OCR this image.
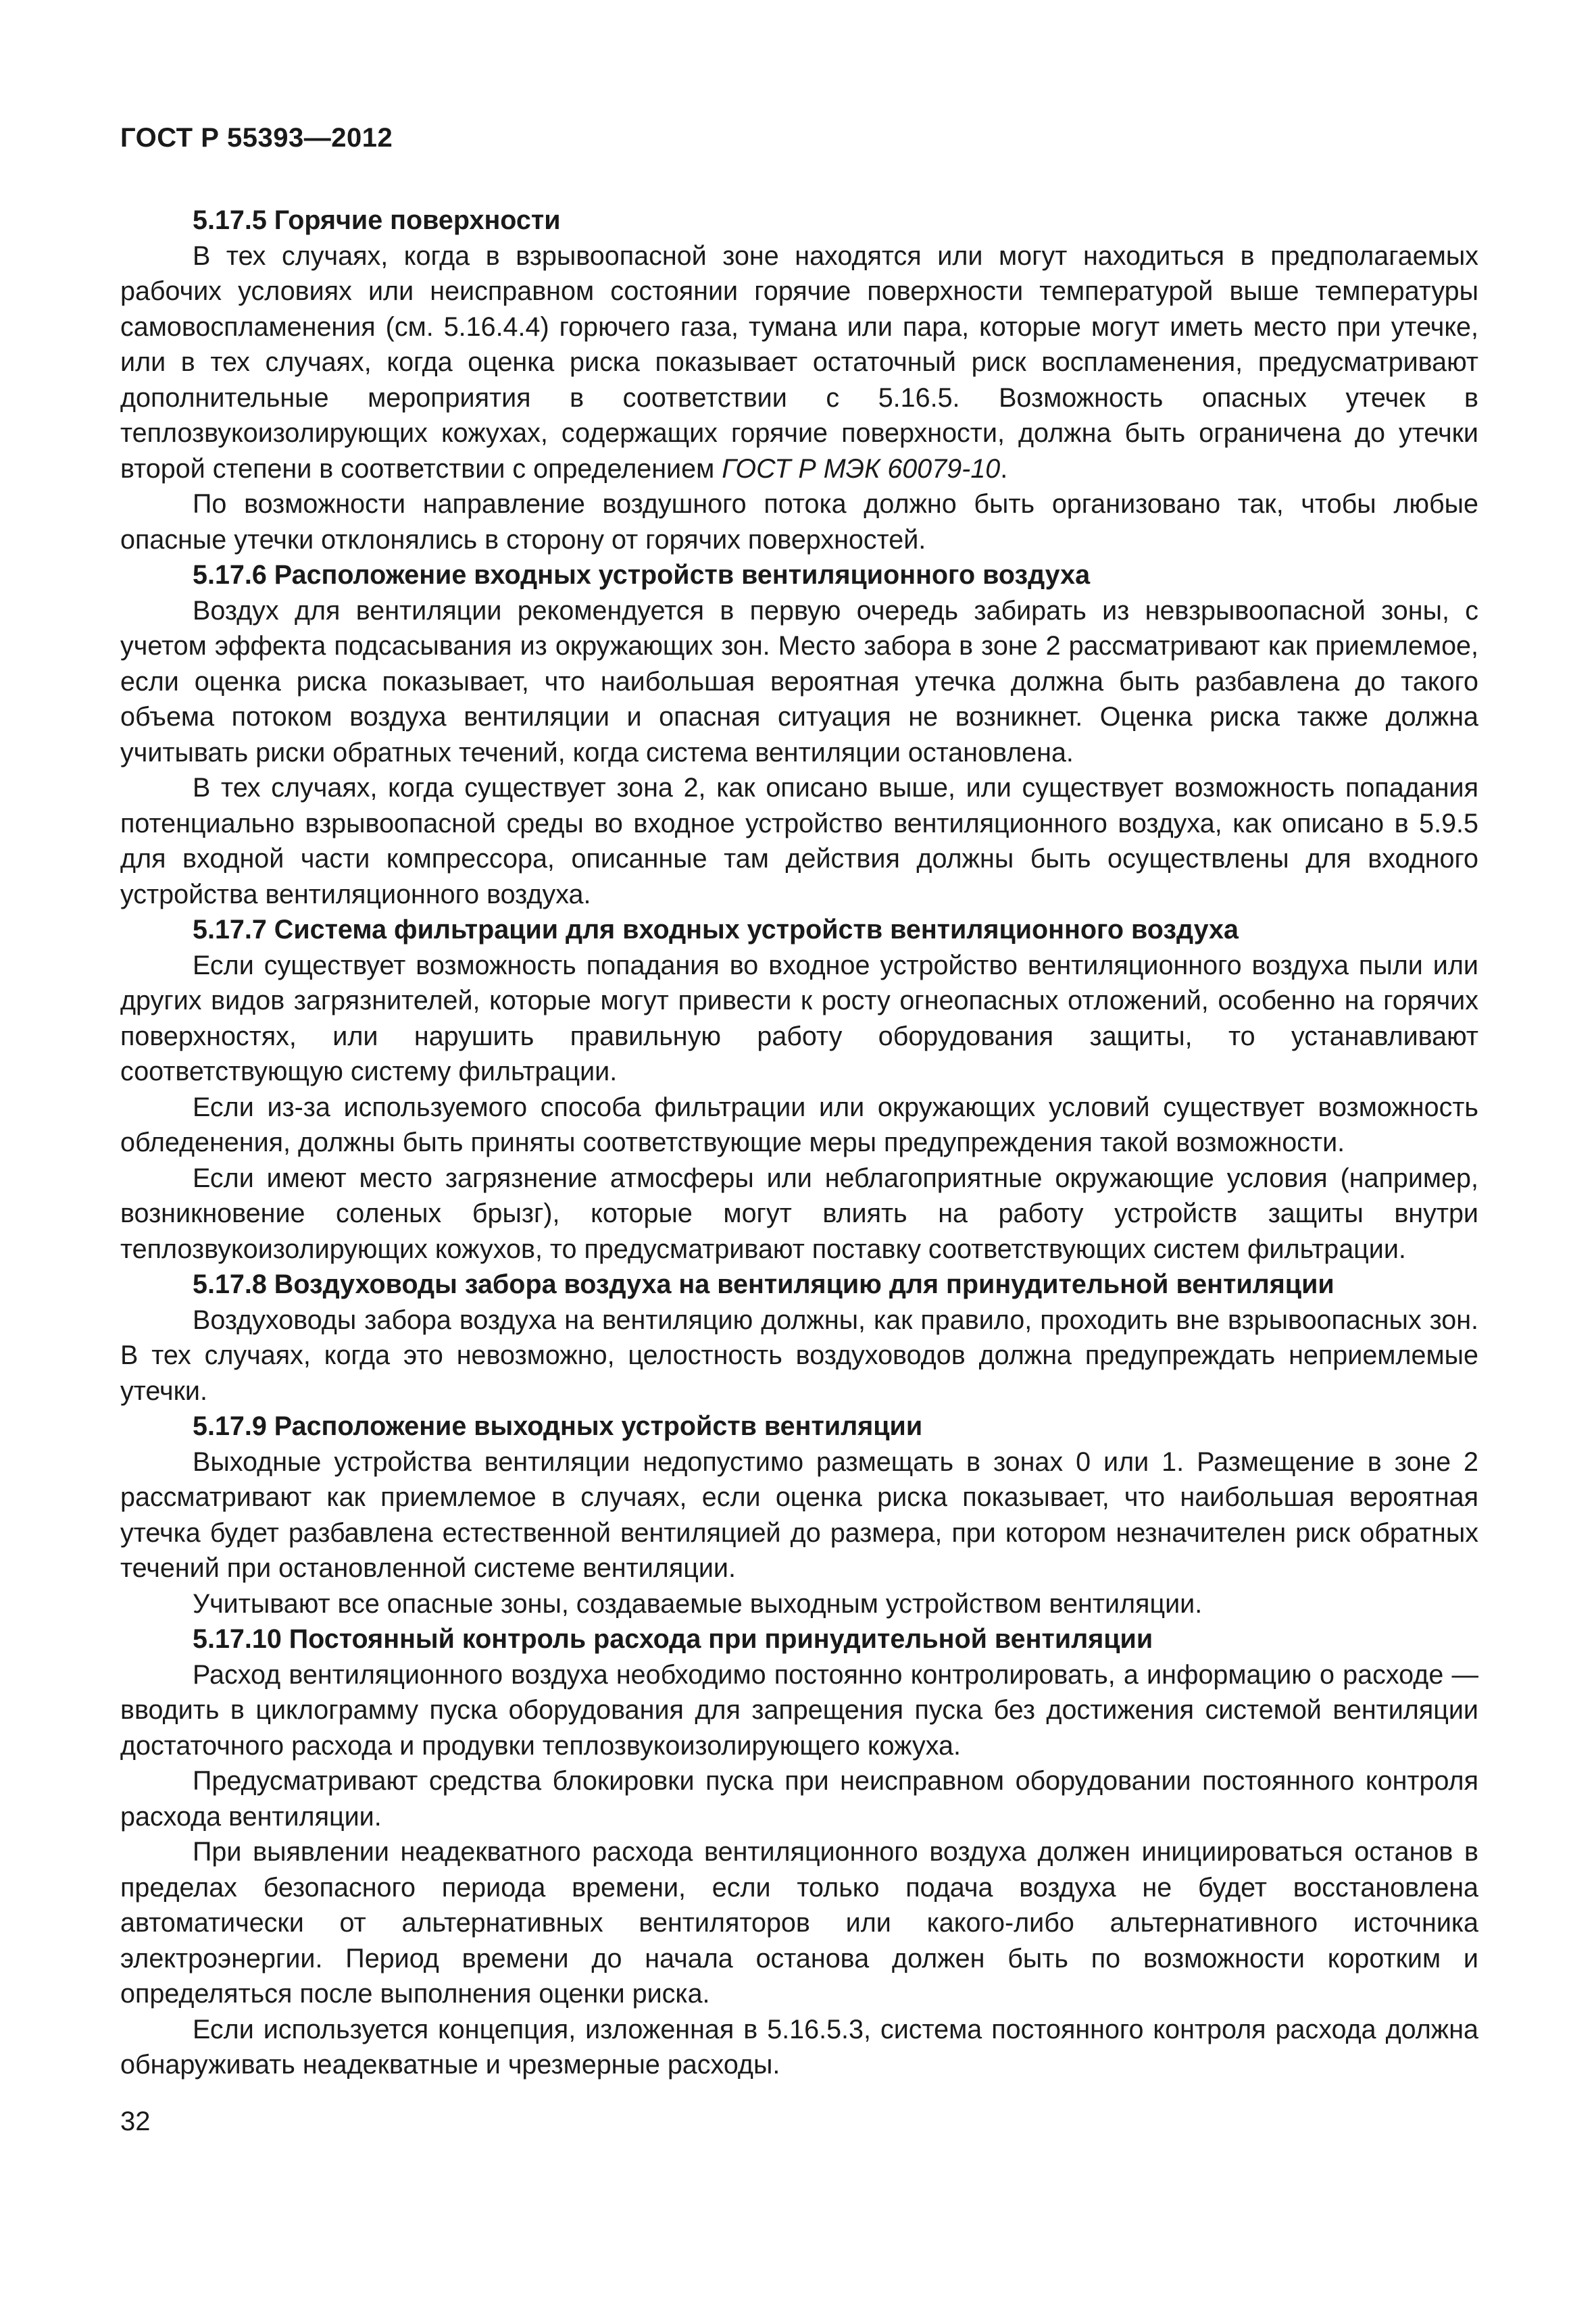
ГОСТ Р 55393—2012
5.17.5 Горячие поверхности

В тех случаях, когда в взрывоопасной зоне находятся или могут находиться в предполагаемых рабочих условиях или неисправном состоянии горячие поверхности температурой выше температуры самовоспламенения (см. 5.16.4.4) горючего газа, тумана или пара, которые могут иметь место при утечке, или в тех случаях, когда оценка риска показывает остаточный риск воспламенения, предусматривают дополнительные мероприятия в соответствии с 5.16.5. Возможность опасных утечек в теплозвукоизолирующих кожухах, содержащих горячие поверхности, должна быть ограничена до утечки второй степени в соответствии с определением ГОСТ Р МЭК 60079-10.

По возможности направление воздушного потока должно быть организовано так, чтобы любые опасные утечки отклонялись в сторону от горячих поверхностей.

5.17.6 Расположение входных устройств вентиляционного воздуха

Воздух для вентиляции рекомендуется в первую очередь забирать из невзрывоопасной зоны, с учетом эффекта подсасывания из окружающих зон. Место забора в зоне 2 рассматривают как приемлемое, если оценка риска показывает, что наибольшая вероятная утечка должна быть разбавлена до такого объема потоком воздуха вентиляции и опасная ситуация не возникнет. Оценка риска также должна учитывать риски обратных течений, когда система вентиляции остановлена.

В тех случаях, когда существует зона 2, как описано выше, или существует возможность попадания потенциально взрывоопасной среды во входное устройство вентиляционного воздуха, как описано в 5.9.5 для входной части компрессора, описанные там действия должны быть осуществлены для входного устройства вентиляционного воздуха.

5.17.7 Система фильтрации для входных устройств вентиляционного воздуха

Если существует возможность попадания во входное устройство вентиляционного воздуха пыли или других видов загрязнителей, которые могут привести к росту огнеопасных отложений, особенно на горячих поверхностях, или нарушить правильную работу оборудования защиты, то устанавливают соответствующую систему фильтрации.

Если из-за используемого способа фильтрации или окружающих условий существует возможность обледенения, должны быть приняты соответствующие меры предупреждения такой возможности.

Если имеют место загрязнение атмосферы или неблагоприятные окружающие условия (например, возникновение соленых брызг), которые могут влиять на работу устройств защиты внутри теплозвукоизолирующих кожухов, то предусматривают поставку соответствующих систем фильтрации.

5.17.8 Воздуховоды забора воздуха на вентиляцию для принудительной вентиляции

Воздуховоды забора воздуха на вентиляцию должны, как правило, проходить вне взрывоопасных зон. В тех случаях, когда это невозможно, целостность воздуховодов должна предупреждать неприемлемые утечки.

5.17.9 Расположение выходных устройств вентиляции

Выходные устройства вентиляции недопустимо размещать в зонах 0 или 1. Размещение в зоне 2 рассматривают как приемлемое в случаях, если оценка риска показывает, что наибольшая вероятная утечка будет разбавлена естественной вентиляцией до размера, при котором незначителен риск обратных течений при остановленной системе вентиляции.

Учитывают все опасные зоны, создаваемые выходным устройством вентиляции.

5.17.10 Постоянный контроль расхода при принудительной вентиляции

Расход вентиляционного воздуха необходимо постоянно контролировать, а информацию о расходе — вводить в циклограмму пуска оборудования для запрещения пуска без достижения системой вентиляции достаточного расхода и продувки теплозвукоизолирующего кожуха.

Предусматривают средства блокировки пуска при неисправном оборудовании постоянного контроля расхода вентиляции.

При выявлении неадекватного расхода вентиляционного воздуха должен инициироваться останов в пределах безопасного периода времени, если только подача воздуха не будет восстановлена автоматически от альтернативных вентиляторов или какого-либо альтернативного источника электроэнергии. Период времени до начала останова должен быть по возможности коротким и определяться после выполнения оценки риска.

Если используется концепция, изложенная в 5.16.5.3, система постоянного контроля расхода должна обнаруживать неадекватные и чрезмерные расходы.

32
